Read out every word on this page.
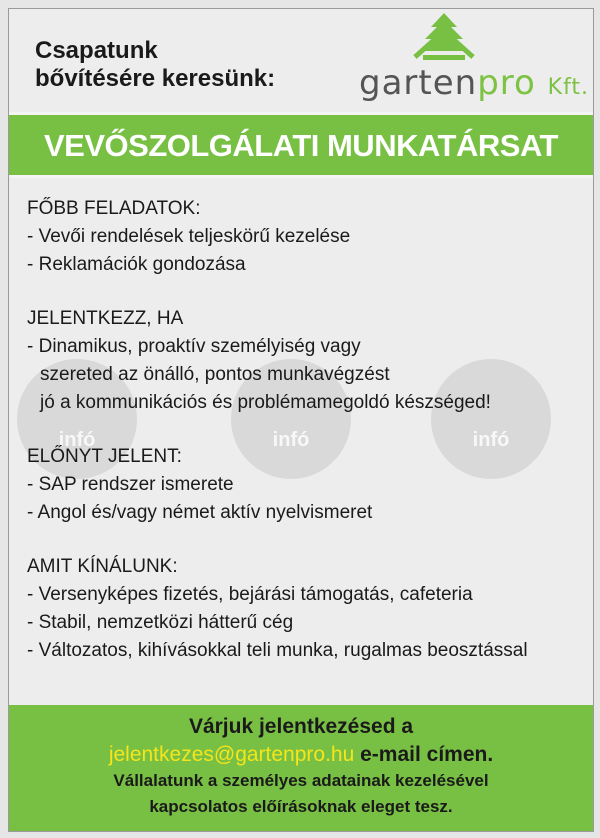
Csapatunk
bővítésére keresünk: gartenpro Kft.
VEVŐSZOLGÁLATI MUNKATÁRSAT
infó	infó	infó
FŐBB FELADATOK:
- Vevői rendelések teljeskörű kezelése
- Reklamációk gondozása
JELENTKEZZ, HA
- Dinamikus, proaktív személyiség vagy
szereted az önálló, pontos munkavégzést
jó a kommunikációs és problémamegoldó készséged!
ELŐNYT JELENT:
- SAP rendszer ismerete
- Angol és/vagy német aktív nyelvismeret
AMIT KÍNÁLUNK:
- Versenyképes fizetés, bejárási támogatás, cafeteria
- Stabil, nemzetközi hátterű cég
- Változatos, kihívásokkal teli munka, rugalmas beosztással
Várjuk jelentkezésed a
jelentkezes@gartenpro.hu e-mail címen.
Vállalatunk a személyes adatainak kezelésével
kapcsolatos előírásoknak eleget tesz.
